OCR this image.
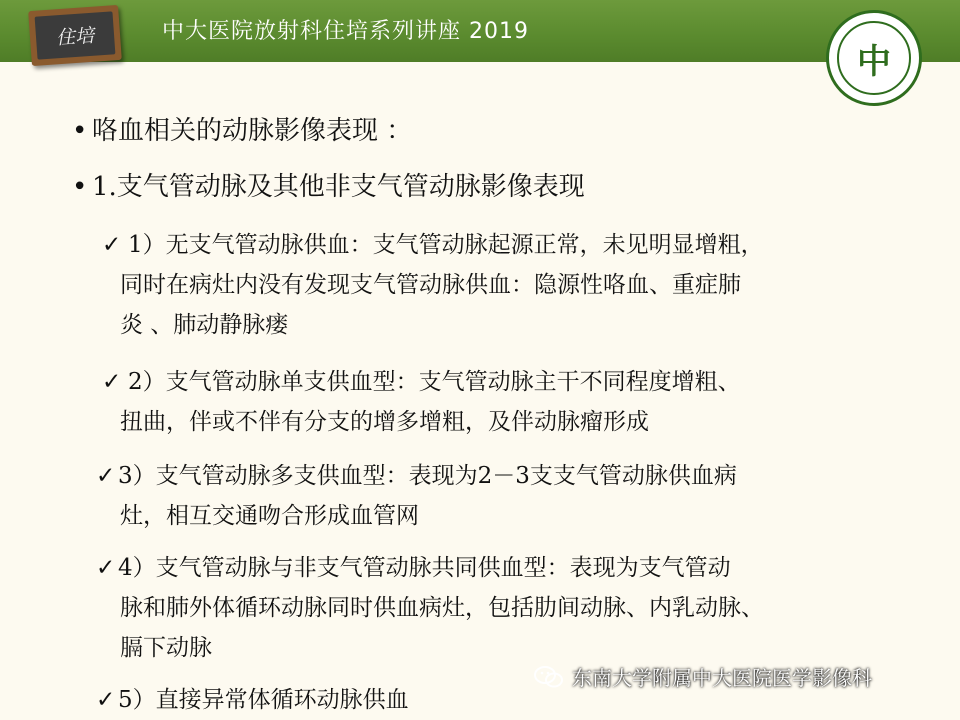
住培	中大医院放射科住培系列讲座 2019
中
• 咯血相关的动脉影像表现 ：
• 1.支气管动脉及其他非支气管动脉影像表现
✓ 1）无支气管动脉供血：支气管动脉起源正常，未见明显增粗，
同时在病灶内没有发现支气管动脉供血：隐源性咯血、重症肺
炎 、肺动静脉瘘
✓ 2）支气管动脉单支供血型：支气管动脉主干不同程度增粗、
扭曲，伴或不伴有分支的增多增粗，及伴动脉瘤形成
✓ 3）支气管动脉多支供血型：表现为2－3支支气管动脉供血病
灶，相互交通吻合形成血管网
✓ 4）支气管动脉与非支气管动脉共同供血型：表现为支气管动
脉和肺外体循环动脉同时供血病灶，包括肋间动脉、内乳动脉、
膈下动脉
✓ 5）直接异常体循环动脉供血
东南大学附属中大医院医学影像科
